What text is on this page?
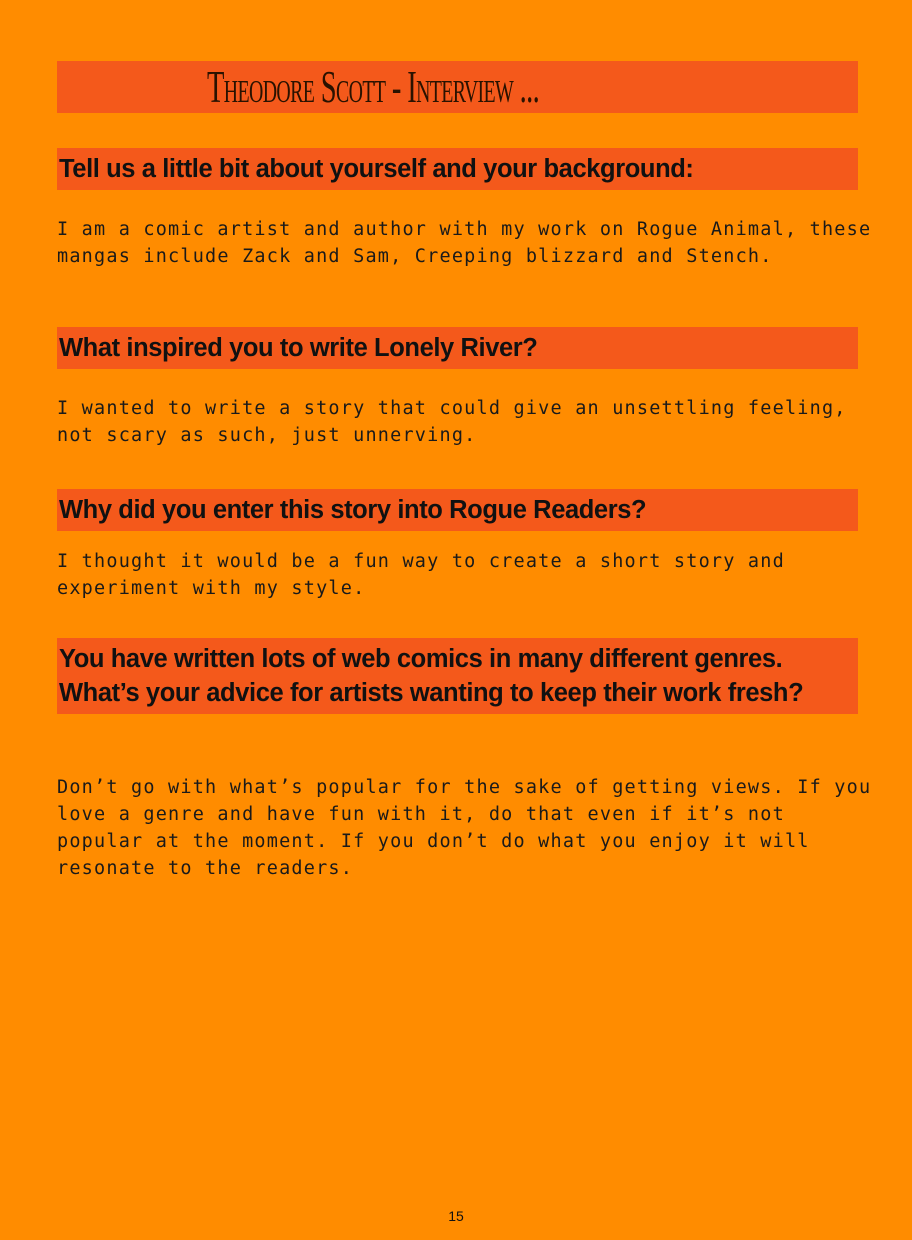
Theodore Scott - Interview ...

Tell us a little bit about yourself and your background:

I am a comic artist and author with my work on Rogue Animal, these mangas include Zack and Sam, Creeping blizzard and Stench.

What inspired you to write Lonely River?

I wanted to write a story that could give an unsettling feeling, not scary as such, just unnerving.

Why did you enter this story into Rogue Readers?

I thought it would be a fun way to create a short story and experiment with my style.

You have written lots of web comics in many different genres. What’s your advice for artists wanting to keep their work fresh?

Don’t go with what’s popular for the sake of getting views. If you love a genre and have fun with it, do that even if it’s not popular at the moment. If you don’t do what you enjoy it will resonate to the readers.

15
